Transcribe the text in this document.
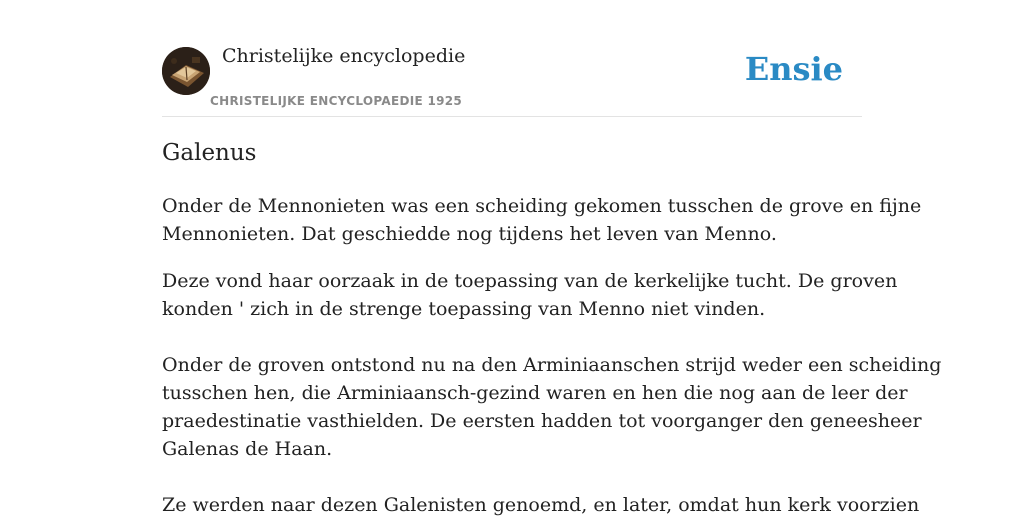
Christelijke encyclopedie
CHRISTELIJKE ENCYCLOPAEDIE 1925
Ensie
Galenus

Onder de Mennonieten was een scheiding gekomen tusschen de grove en fijne

Mennonieten. Dat geschiedde nog tijdens het leven van Menno.

Deze vond haar oorzaak in de toepassing van de kerkelijke tucht. De groven

konden ' zich in de strenge toepassing van Menno niet vinden.

Onder de groven ontstond nu na den Arminiaanschen strijd weder een scheiding

tusschen hen, die Arminiaansch-gezind waren en hen die nog aan de leer der

praedestinatie vasthielden. De eersten hadden tot voorganger den geneesheer

Galenas de Haan.

Ze werden naar dezen Galenisten genoemd, en later, omdat hun kerk voorzien
